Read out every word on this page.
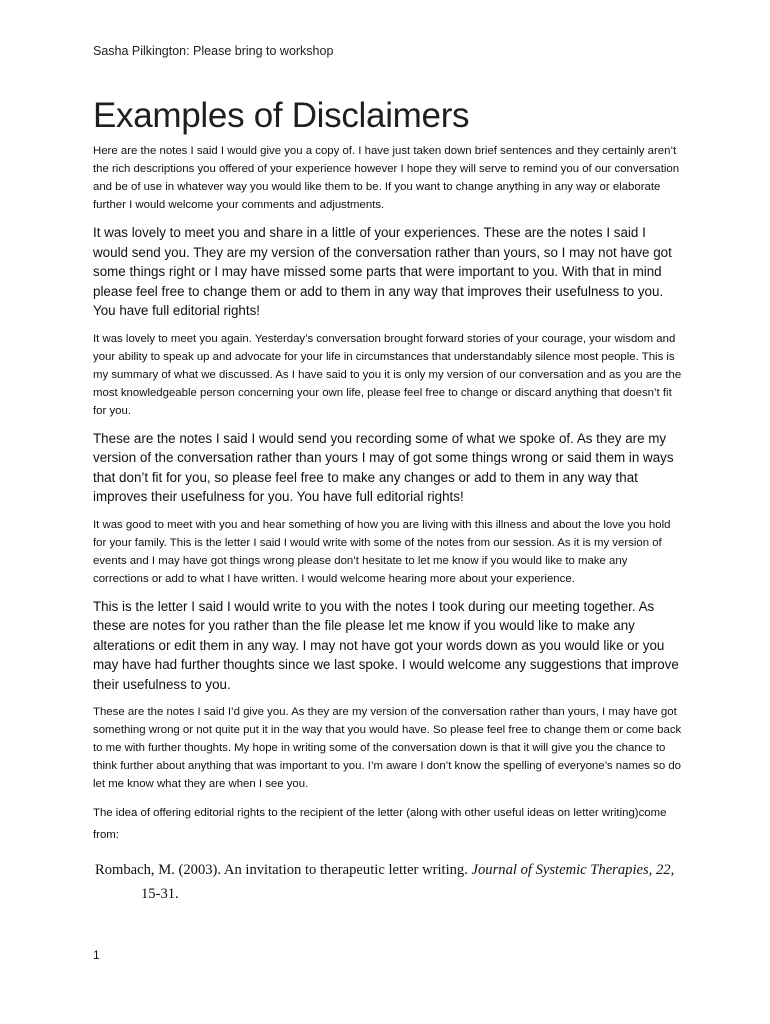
Sasha Pilkington: Please bring to workshop

Examples of Disclaimers

Here are the notes I said I would give you a copy of. I have just taken down brief sentences and they certainly aren’t the rich descriptions you offered of your experience however I hope they will serve to remind you of our conversation and be of use in whatever way you would like them to be. If you want to change anything in any way or elaborate further I would welcome your comments and adjustments.

It was lovely to meet you and share in a little of your experiences. These are the notes I said I would send you. They are my version of the conversation rather than yours, so I may not have got some things right or I may have missed some parts that were important to you. With that in mind please feel free to change them or add to them in any way that improves their usefulness to you. You have full editorial rights!

It was lovely to meet you again. Yesterday’s conversation brought forward stories of your courage, your wisdom and your ability to speak up and advocate for your life in circumstances that understandably silence most people. This is my summary of what we discussed. As I have said to you it is only my version of our conversation and as you are the most knowledgeable person concerning your own life, please feel free to change or discard anything that doesn’t fit for you.

These are the notes I said I would send you recording some of what we spoke of. As they are my version of the conversation rather than yours I may of got some things wrong or said them in ways that don’t fit for you, so please feel free to make any changes or add to them in any way that improves their usefulness for you. You have full editorial rights!

It was good to meet with you and hear something of how you are living with this illness and about the love you hold for your family. This is the letter I said I would write with some of the notes from our session. As it is my version of events and I may have got things wrong please don’t hesitate to let me know if you would like to make any corrections or add to what I have written. I would welcome hearing more about your experience.

This is the letter I said I would write to you with the notes I took during our meeting together. As these are notes for you rather than the file please let me know if you would like to make any alterations or edit them in any way. I may not have got your words down as you would like or you may have had further thoughts since we last spoke. I would welcome any suggestions that improve their usefulness to you.

These are the notes I said I’d give you. As they are my version of the conversation rather than yours, I may have got something wrong or not quite put it in the way that you would have. So please feel free to change them or come back to me with further thoughts. My hope in writing some of the conversation down is that it will give you the chance to think further about anything that was important to you. I’m aware I don’t know the spelling of everyone’s names so do let me know what they are when I see you.

The idea of offering editorial rights to the recipient of the letter (along with other useful ideas on letter writing)come from:

Rombach, M. (2003). An invitation to therapeutic letter writing. Journal of Systemic Therapies, 22, 15-31.

1
